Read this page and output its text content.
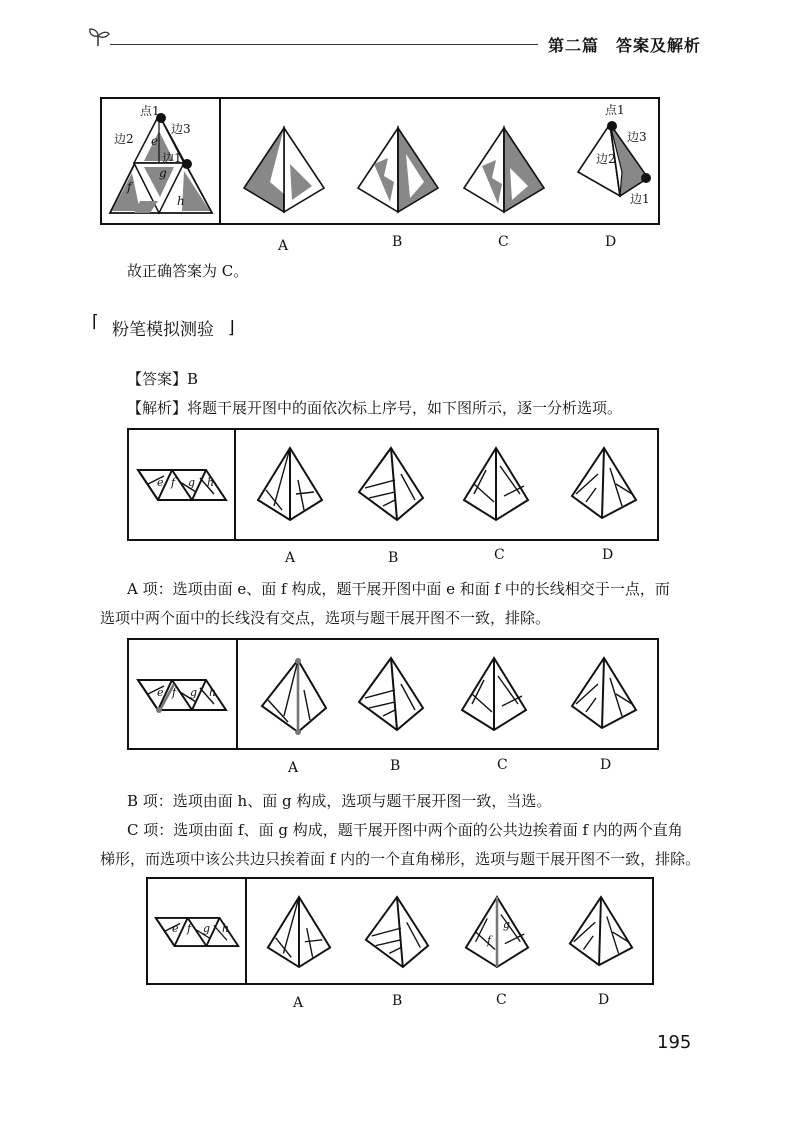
第二篇　答案及解析
点1
边2
边3
边1
e
g
f
h
点1
边3
边2
边1
A	B	C	D
故正确答案为 C。
⌈ 粉笔模拟测验 ⌋
【答案】B
【解析】将题干展开图中的面依次标上序号，如下图所示，逐一分析选项。
e f g h
A	B	C	D
A 项：选项由面 e、面 f 构成，题干展开图中面 e 和面 f 中的长线相交于一点，而
选项中两个面中的长线没有交点，选项与题干展开图不一致，排除。
e f g h
A	B	C	D
B 项：选项由面 h、面 g 构成，选项与题干展开图一致，当选。
C 项：选项由面 f、面 g 构成，题干展开图中两个面的公共边挨着面 f 内的两个直角
梯形，而选项中该公共边只挨着面 f 内的一个直角梯形，选项与题干展开图不一致，排除。
e f g h
f
g
A	B	C	D
195
